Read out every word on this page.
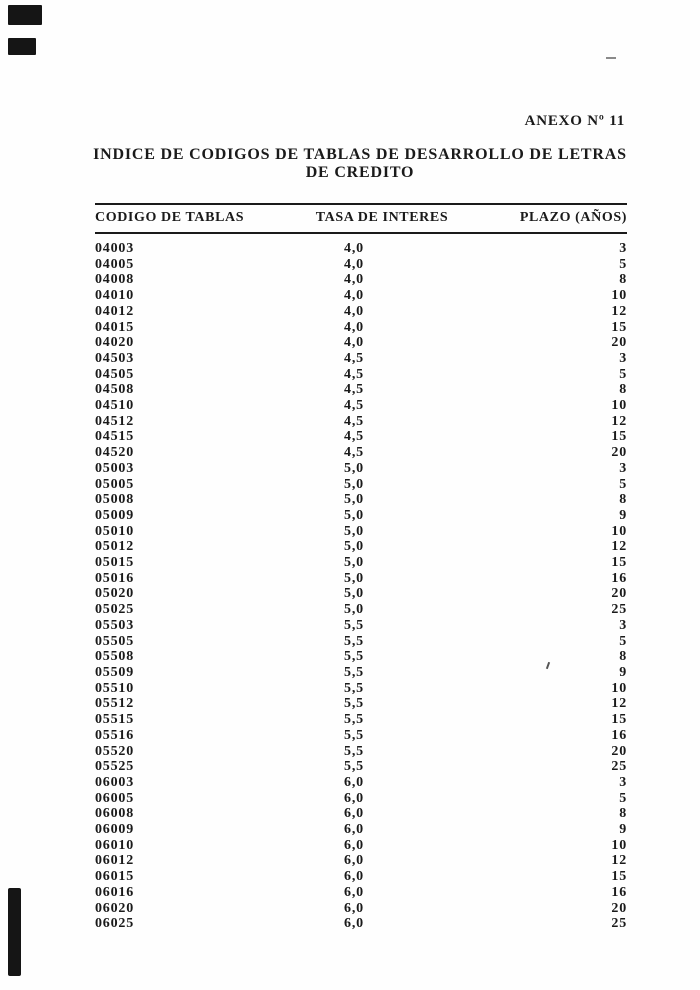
ANEXO Nº 11
INDICE DE CODIGOS DE TABLAS DE DESARROLLO DE LETRAS
DE CREDITO
CODIGO DE TABLAS	TASA DE INTERES	PLAZO (AÑOS)
04003	4,0	3
04005	4,0	5
04008	4,0	8
04010	4,0	10
04012	4,0	12
04015	4,0	15
04020	4,0	20
04503	4,5	3
04505	4,5	5
04508	4,5	8
04510	4,5	10
04512	4,5	12
04515	4,5	15
04520	4,5	20
05003	5,0	3
05005	5,0	5
05008	5,0	8
05009	5,0	9
05010	5,0	10
05012	5,0	12
05015	5,0	15
05016	5,0	16
05020	5,0	20
05025	5,0	25
05503	5,5	3
05505	5,5	5
05508	5,5	8
05509	5,5	9
05510	5,5	10
05512	5,5	12
05515	5,5	15
05516	5,5	16
05520	5,5	20
05525	5,5	25
06003	6,0	3
06005	6,0	5
06008	6,0	8
06009	6,0	9
06010	6,0	10
06012	6,0	12
06015	6,0	15
06016	6,0	16
06020	6,0	20
06025	6,0	25
